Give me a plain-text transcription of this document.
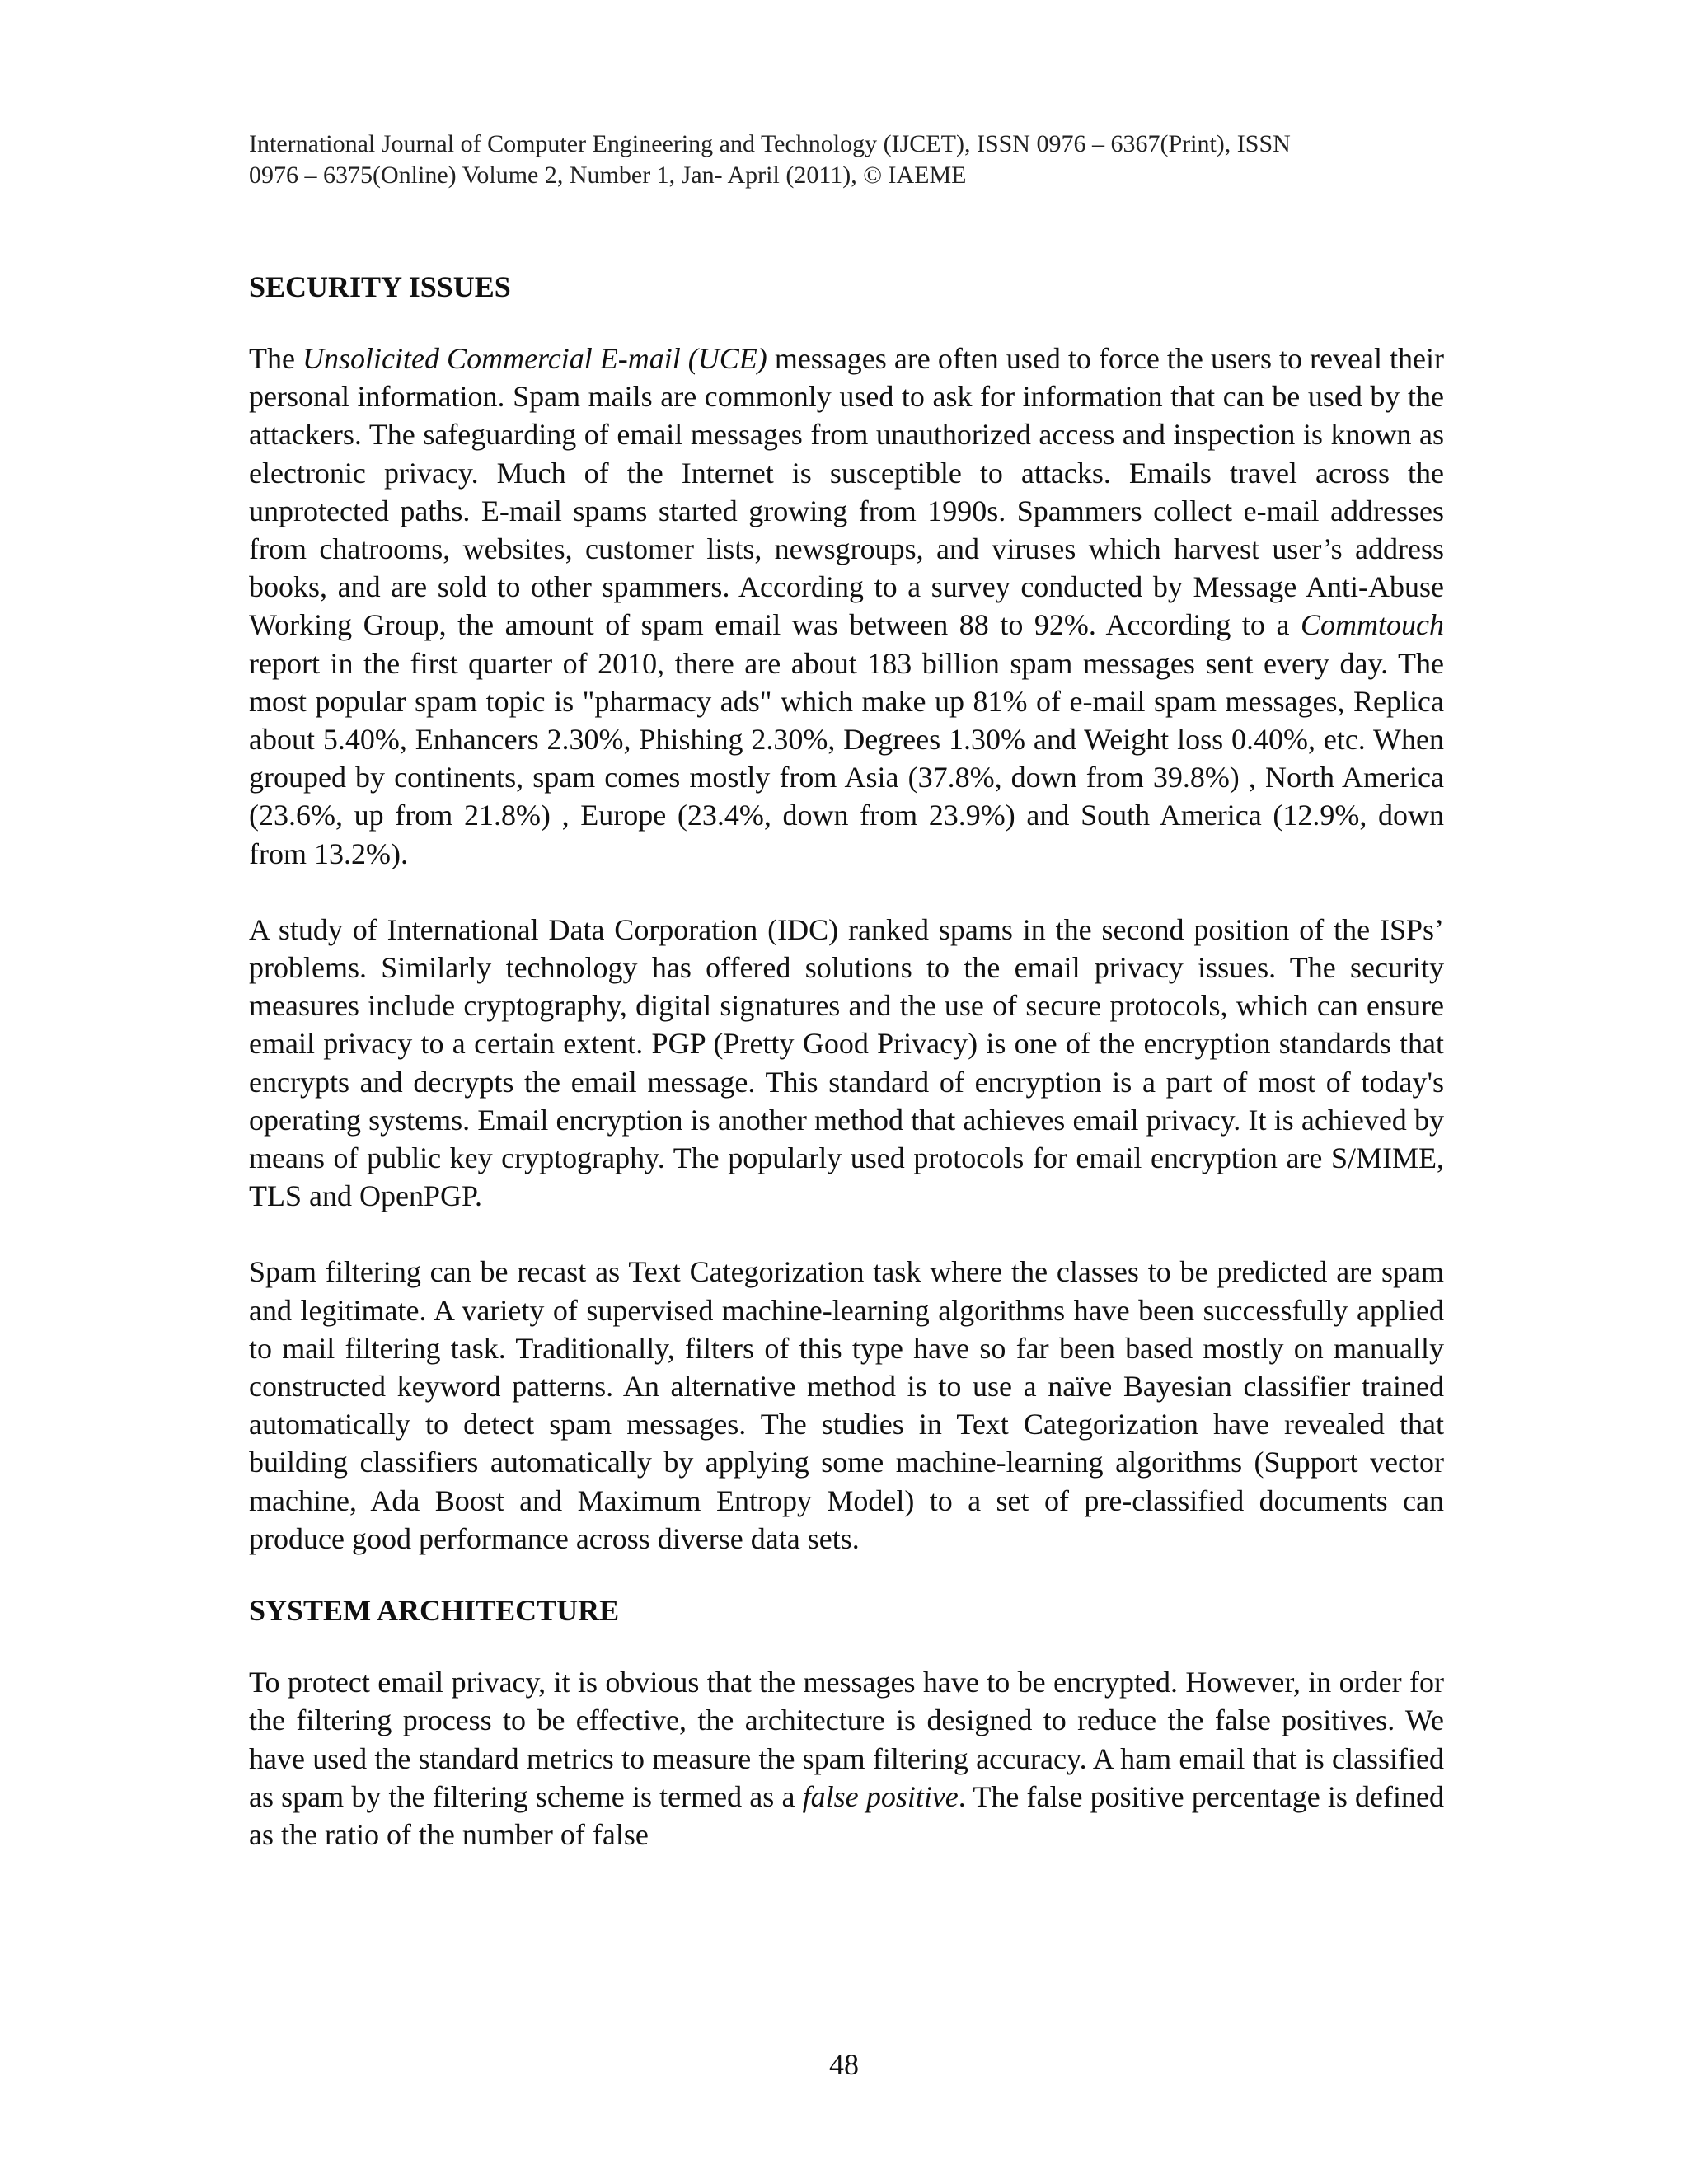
International Journal of Computer Engineering and Technology (IJCET), ISSN 0976 – 6367(Print), ISSN
0976 – 6375(Online) Volume 2, Number 1, Jan- April (2011), © IAEME
SECURITY ISSUES

The Unsolicited Commercial E-mail (UCE) messages are often used to force the users to reveal their personal information. Spam mails are commonly used to ask for information that can be used by the attackers. The safeguarding of email messages from unauthorized access and inspection is known as electronic privacy. Much of the Internet is susceptible to attacks. Emails travel across the unprotected paths. E-mail spams started growing from 1990s. Spammers collect e-mail addresses from chatrooms, websites, customer lists, newsgroups, and viruses which harvest user’s address books, and are sold to other spammers. According to a survey conducted by Message Anti-Abuse Working Group, the amount of spam email was between 88 to 92%. According to a Commtouch report in the first quarter of 2010, there are about 183 billion spam messages sent every day. The most popular spam topic is "pharmacy ads" which make up 81% of e-mail spam messages, Replica about 5.40%, Enhancers 2.30%, Phishing 2.30%, Degrees 1.30% and Weight loss 0.40%, etc. When grouped by continents, spam comes mostly from Asia (37.8%, down from 39.8%) , North America (23.6%, up from 21.8%) , Europe (23.4%, down from 23.9%) and South America (12.9%, down from 13.2%).

A study of International Data Corporation (IDC) ranked spams in the second position of the ISPs’ problems. Similarly technology has offered solutions to the email privacy issues. The security measures include cryptography, digital signatures and the use of secure protocols, which can ensure email privacy to a certain extent. PGP (Pretty Good Privacy) is one of the encryption standards that encrypts and decrypts the email message. This standard of encryption is a part of most of today's operating systems. Email encryption is another method that achieves email privacy. It is achieved by means of public key cryptography. The popularly used protocols for email encryption are S/MIME, TLS and OpenPGP.

Spam filtering can be recast as Text Categorization task where the classes to be predicted are spam and legitimate. A variety of supervised machine-learning algorithms have been successfully applied to mail filtering task. Traditionally, filters of this type have so far been based mostly on manually constructed keyword patterns. An alternative method is to use a naïve Bayesian classifier trained automatically to detect spam messages. The studies in Text Categorization have revealed that building classifiers automatically by applying some machine-learning algorithms (Support vector machine, Ada Boost and Maximum Entropy Model) to a set of pre-classified documents can produce good performance across diverse data sets.

SYSTEM ARCHITECTURE

To protect email privacy, it is obvious that the messages have to be encrypted. However, in order for the filtering process to be effective, the architecture is designed to reduce the false positives. We have used the standard metrics to measure the spam filtering accuracy. A ham email that is classified as spam by the filtering scheme is termed as a false positive. The false positive percentage is defined as the ratio of the number of false

48
